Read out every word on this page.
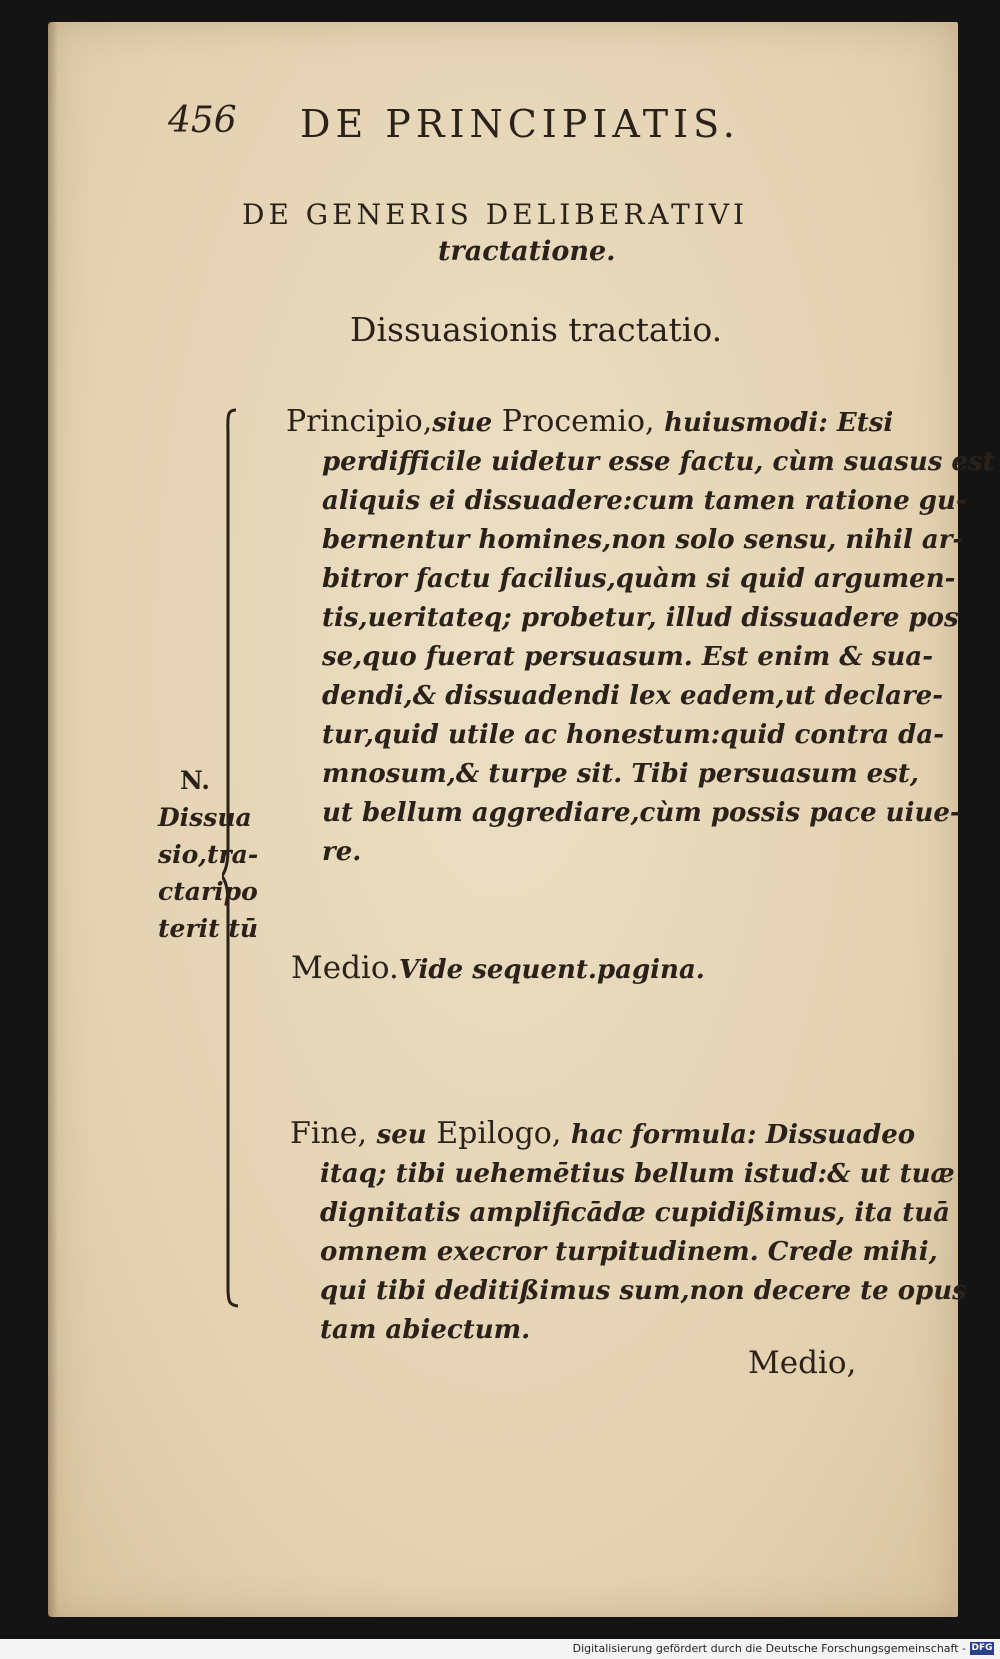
456 DE PRINCIPIATIS.

DE GENERIS DELIBERATIVI

tractatione.

Dissuasionis tractatio.

Principio,siue Procemio, huiusmodi: Etsi
perdifficile uidetur esse factu, cùm suasus est
aliquis ei dissuadere:cum tamen ratione gu-
bernentur homines,non solo sensu, nihil ar-
bitror factu facilius,quàm si quid argumen-
tis,ueritateq; probetur, illud dissuadere pos
se,quo fuerat persuasum. Est enim & sua-
dendi,& dissuadendi lex eadem,ut declare-
tur,quid utile ac honestum:quid contra da-
mnosum,& turpe sit. Tibi persuasum est,
ut bellum aggrediare,cùm possis pace uiue-
re.
N.
Dissua
sio,tra-
ctaripo
terit tū

Medio.Vide sequent.pagina.

Fine, seu Epilogo, hac formula: Dissuadeo
itaq; tibi uehemētius bellum istud:& ut tuæ
dignitatis amplificādæ cupidißimus, ita tuā
omnem execror turpitudinem. Crede mihi,
qui tibi deditißimus sum,non decere te opus
tam abiectum.

Medio,

Digitalisierung gefördert durch die Deutsche Forschungsgemeinschaft - DFG
